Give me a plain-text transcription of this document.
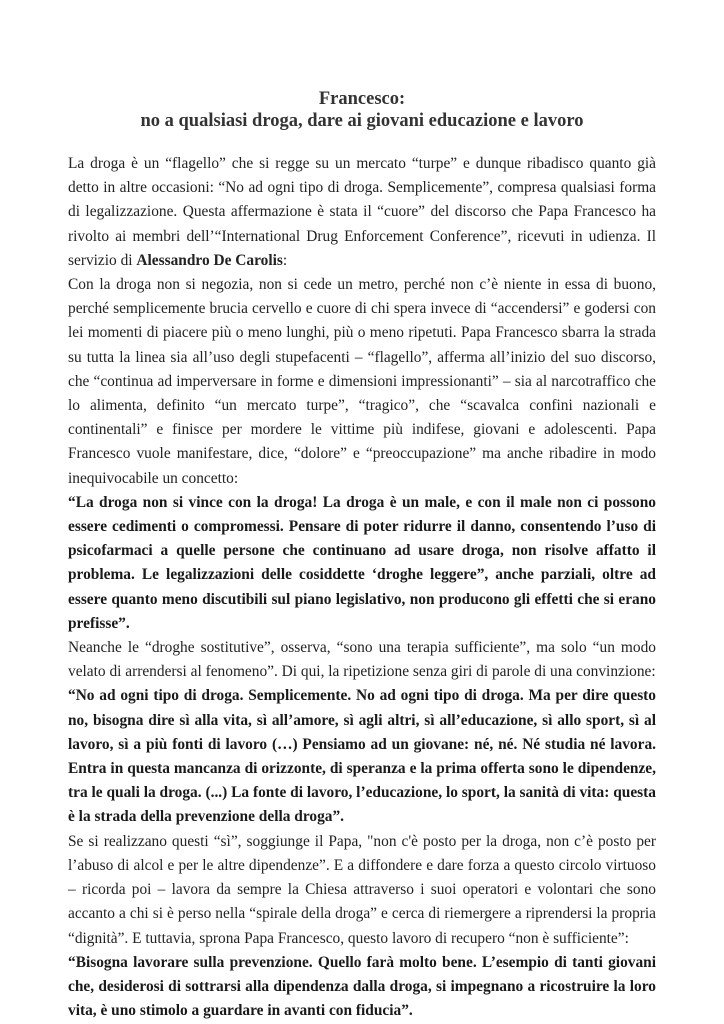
Francesco:
no a qualsiasi droga, dare ai giovani educazione e lavoro

La droga è un “flagello” che si regge su un mercato “turpe” e dunque ribadisco quanto già detto in altre occasioni: “No ad ogni tipo di droga. Semplicemente”, compresa qualsiasi forma di legalizzazione. Questa affermazione è stata il “cuore” del discorso che Papa Francesco ha rivolto ai membri dell’“International Drug Enforcement Conference”, ricevuti in udienza. Il servizio di Alessandro De Carolis:

Con la droga non si negozia, non si cede un metro, perché non c’è niente in essa di buono, perché semplicemente brucia cervello e cuore di chi spera invece di “accendersi” e godersi con lei momenti di piacere più o meno lunghi, più o meno ripetuti. Papa Francesco sbarra la strada su tutta la linea sia all’uso degli stupefacenti – “flagello”, afferma all’inizio del suo discorso, che “continua ad imperversare in forme e dimensioni impressionanti” – sia al narcotraffico che lo alimenta, definito “un mercato turpe”, “tragico”, che “scavalca confini nazionali e continentali” e finisce per mordere le vittime più indifese, giovani e adolescenti. Papa Francesco vuole manifestare, dice, “dolore” e “preoccupazione” ma anche ribadire in modo inequivocabile un concetto:

“La droga non si vince con la droga! La droga è un male, e con il male non ci possono essere cedimenti o compromessi. Pensare di poter ridurre il danno, consentendo l’uso di psicofarmaci a quelle persone che continuano ad usare droga, non risolve affatto il problema. Le legalizzazioni delle cosiddette ‘droghe leggere”, anche parziali, oltre ad essere quanto meno discutibili sul piano legislativo, non producono gli effetti che si erano prefisse”.

Neanche le “droghe sostitutive”, osserva, “sono una terapia sufficiente”, ma solo “un modo velato di arrendersi al fenomeno”. Di qui, la ripetizione senza giri di parole di una convinzione:

“No ad ogni tipo di droga. Semplicemente. No ad ogni tipo di droga. Ma per dire questo no, bisogna dire sì alla vita, sì all’amore, sì agli altri, sì all’educazione, sì allo sport, sì al lavoro, sì a più fonti di lavoro (…) Pensiamo ad un giovane: né, né. Né studia né lavora. Entra in questa mancanza di orizzonte, di speranza e la prima offerta sono le dipendenze, tra le quali la droga. (...) La fonte di lavoro, l’educazione, lo sport, la sanità di vita: questa è la strada della prevenzione della droga”.

Se si realizzano questi “sì”, soggiunge il Papa, "non c'è posto per la droga, non c’è posto per l’abuso di alcol e per le altre dipendenze”. E a diffondere e dare forza a questo circolo virtuoso – ricorda poi – lavora da sempre la Chiesa attraverso i suoi operatori e volontari che sono accanto a chi si è perso nella “spirale della droga” e cerca di riemergere a riprendersi la propria “dignità”. E tuttavia, sprona Papa Francesco, questo lavoro di recupero “non è sufficiente”:

“Bisogna lavorare sulla prevenzione. Quello farà molto bene. L’esempio di tanti giovani che, desiderosi di sottrarsi alla dipendenza dalla droga, si impegnano a ricostruire la loro vita, è uno stimolo a guardare in avanti con fiducia”.
